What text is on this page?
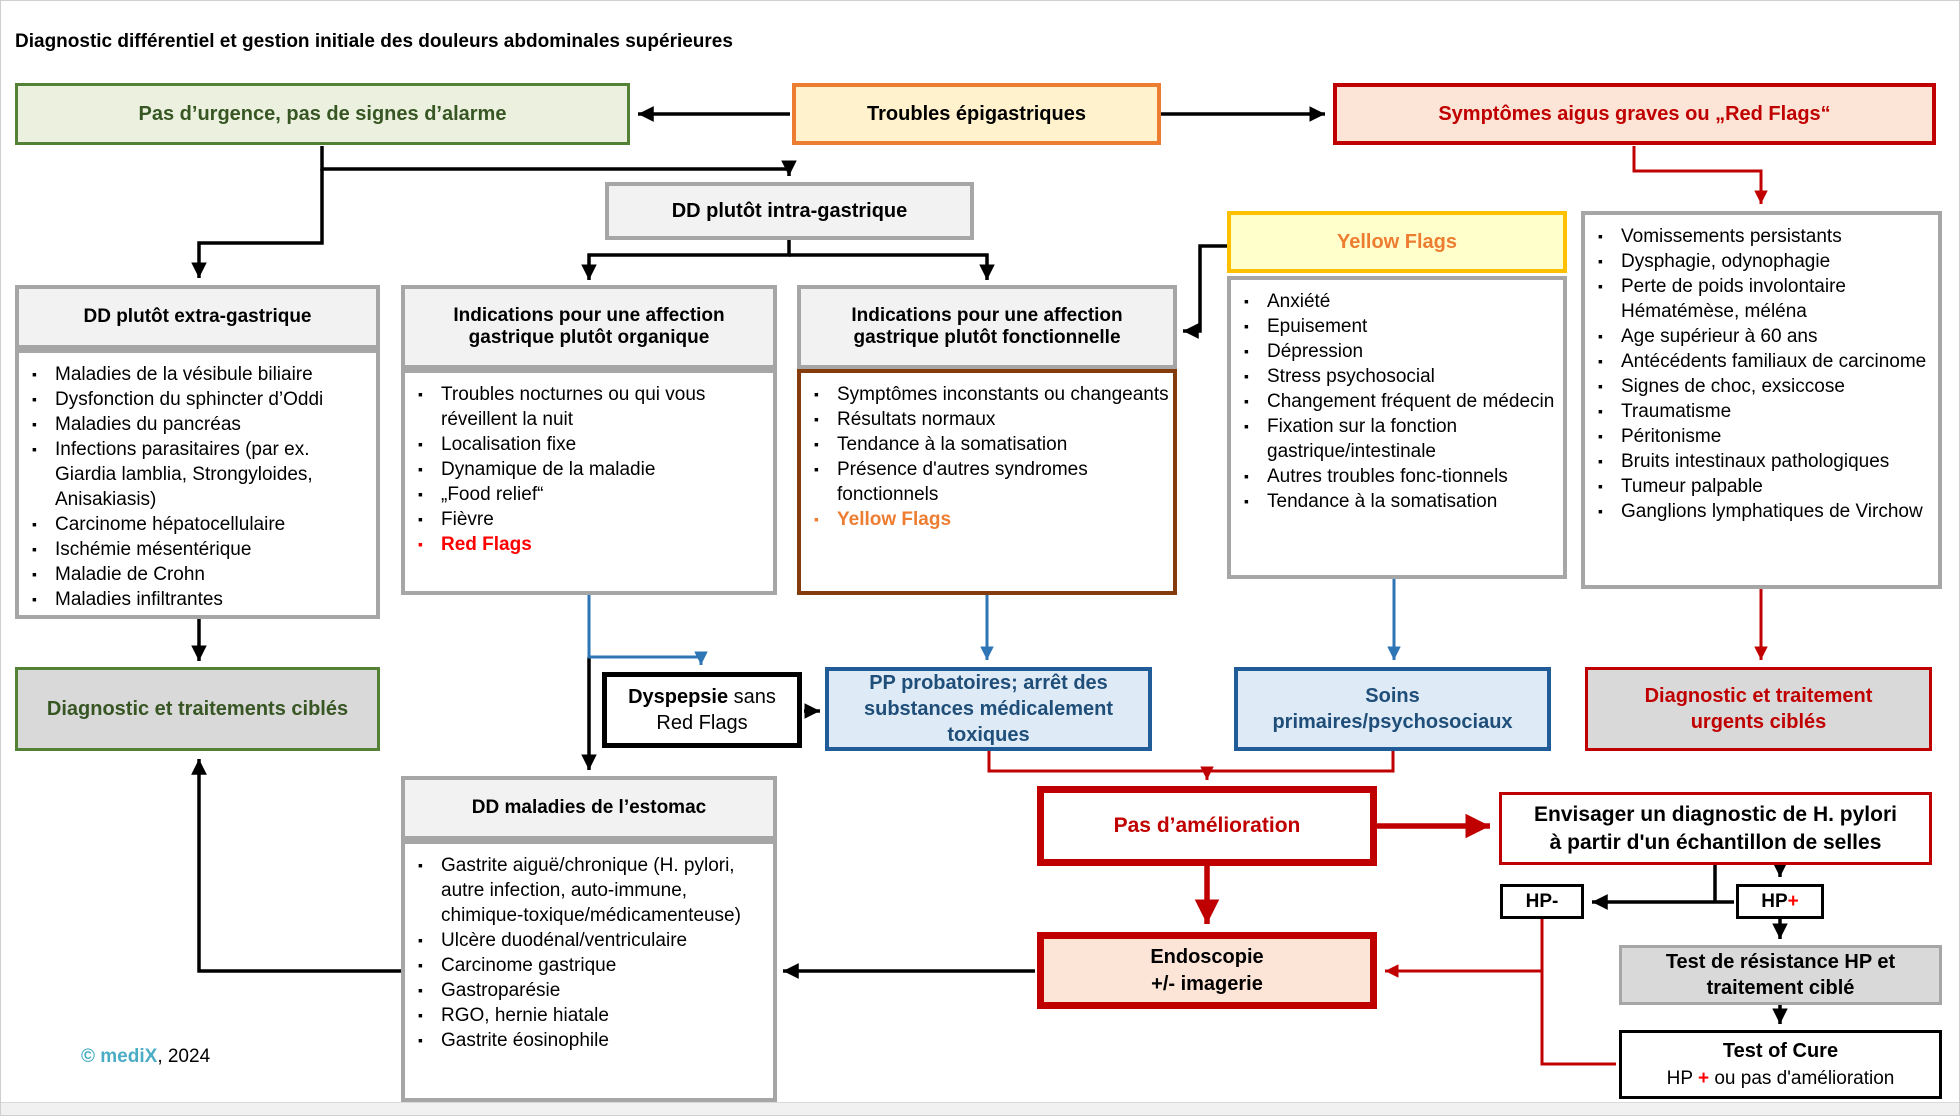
Diagnostic différentiel et gestion initiale des douleurs abdominales supérieures
Pas d’urgence, pas de signes d’alarme	Troubles épigastriques	Symptômes aigus graves ou „Red Flags“
DD plutôt intra-gastrique
DD plutôt extra-gastrique
▪ Maladies de la vésibule biliaire
▪ Dysfonction du sphincter d’Oddi
▪ Maladies du pancréas
▪ Infections parasitaires (par ex. Giardia lamblia, Strongyloides, Anisakiasis)
▪ Carcinome hépatocellulaire
▪ Ischémie mésentérique
▪ Maladie de Crohn
▪ Maladies infiltrantes
Indications pour une affection gastrique plutôt organique
▪ Troubles nocturnes ou qui vous réveillent la nuit
▪ Localisation fixe
▪ Dynamique de la maladie
▪ „Food relief“
▪ Fièvre
▪ Red Flags
Indications pour une affection gastrique plutôt fonctionnelle
▪ Symptômes inconstants ou changeants
▪ Résultats normaux
▪ Tendance à la somatisation
▪ Présence d'autres syndromes fonctionnels
▪ Yellow Flags
Yellow Flags
▪ Anxiété
▪ Epuisement
▪ Dépression
▪ Stress psychosocial
▪ Changement fréquent de médecin
▪ Fixation sur la fonction gastrique/intestinale
▪ Autres troubles fonc-tionnels
▪ Tendance à la somatisation
▪ Vomissements persistants
▪ Dysphagie, odynophagie
▪ Perte de poids involontaire Hématémèse, méléna
▪ Age supérieur à 60 ans
▪ Antécédents familiaux de carcinome
▪ Signes de choc, exsiccose
▪ Traumatisme
▪ Péritonisme
▪ Bruits intestinaux pathologiques
▪ Tumeur palpable
▪ Ganglions lymphatiques de Virchow
Diagnostic et traitements ciblés
Dyspepsie sans
Red Flags
PP probatoires; arrêt des substances médicalement toxiques
Soins primaires/psychosociaux
Diagnostic et traitement urgents ciblés
Pas d’amélioration	Envisager un diagnostic de H. pylori
à partir d'un échantillon de selles
HP -	HP +
Endoscopie
+/- imagerie
Test de résistance HP et
traitement ciblé
Test of Cure
HP + ou pas d'amélioration
DD maladies de l’estomac
▪ Gastrite aiguë/chronique (H. pylori, autre infection, auto-immune, chimique-toxique/médicamenteuse)
▪ Ulcère duodénal/ventriculaire
▪ Carcinome gastrique
▪ Gastroparésie
▪ RGO, hernie hiatale
▪ Gastrite éosinophile
© mediX, 2024
